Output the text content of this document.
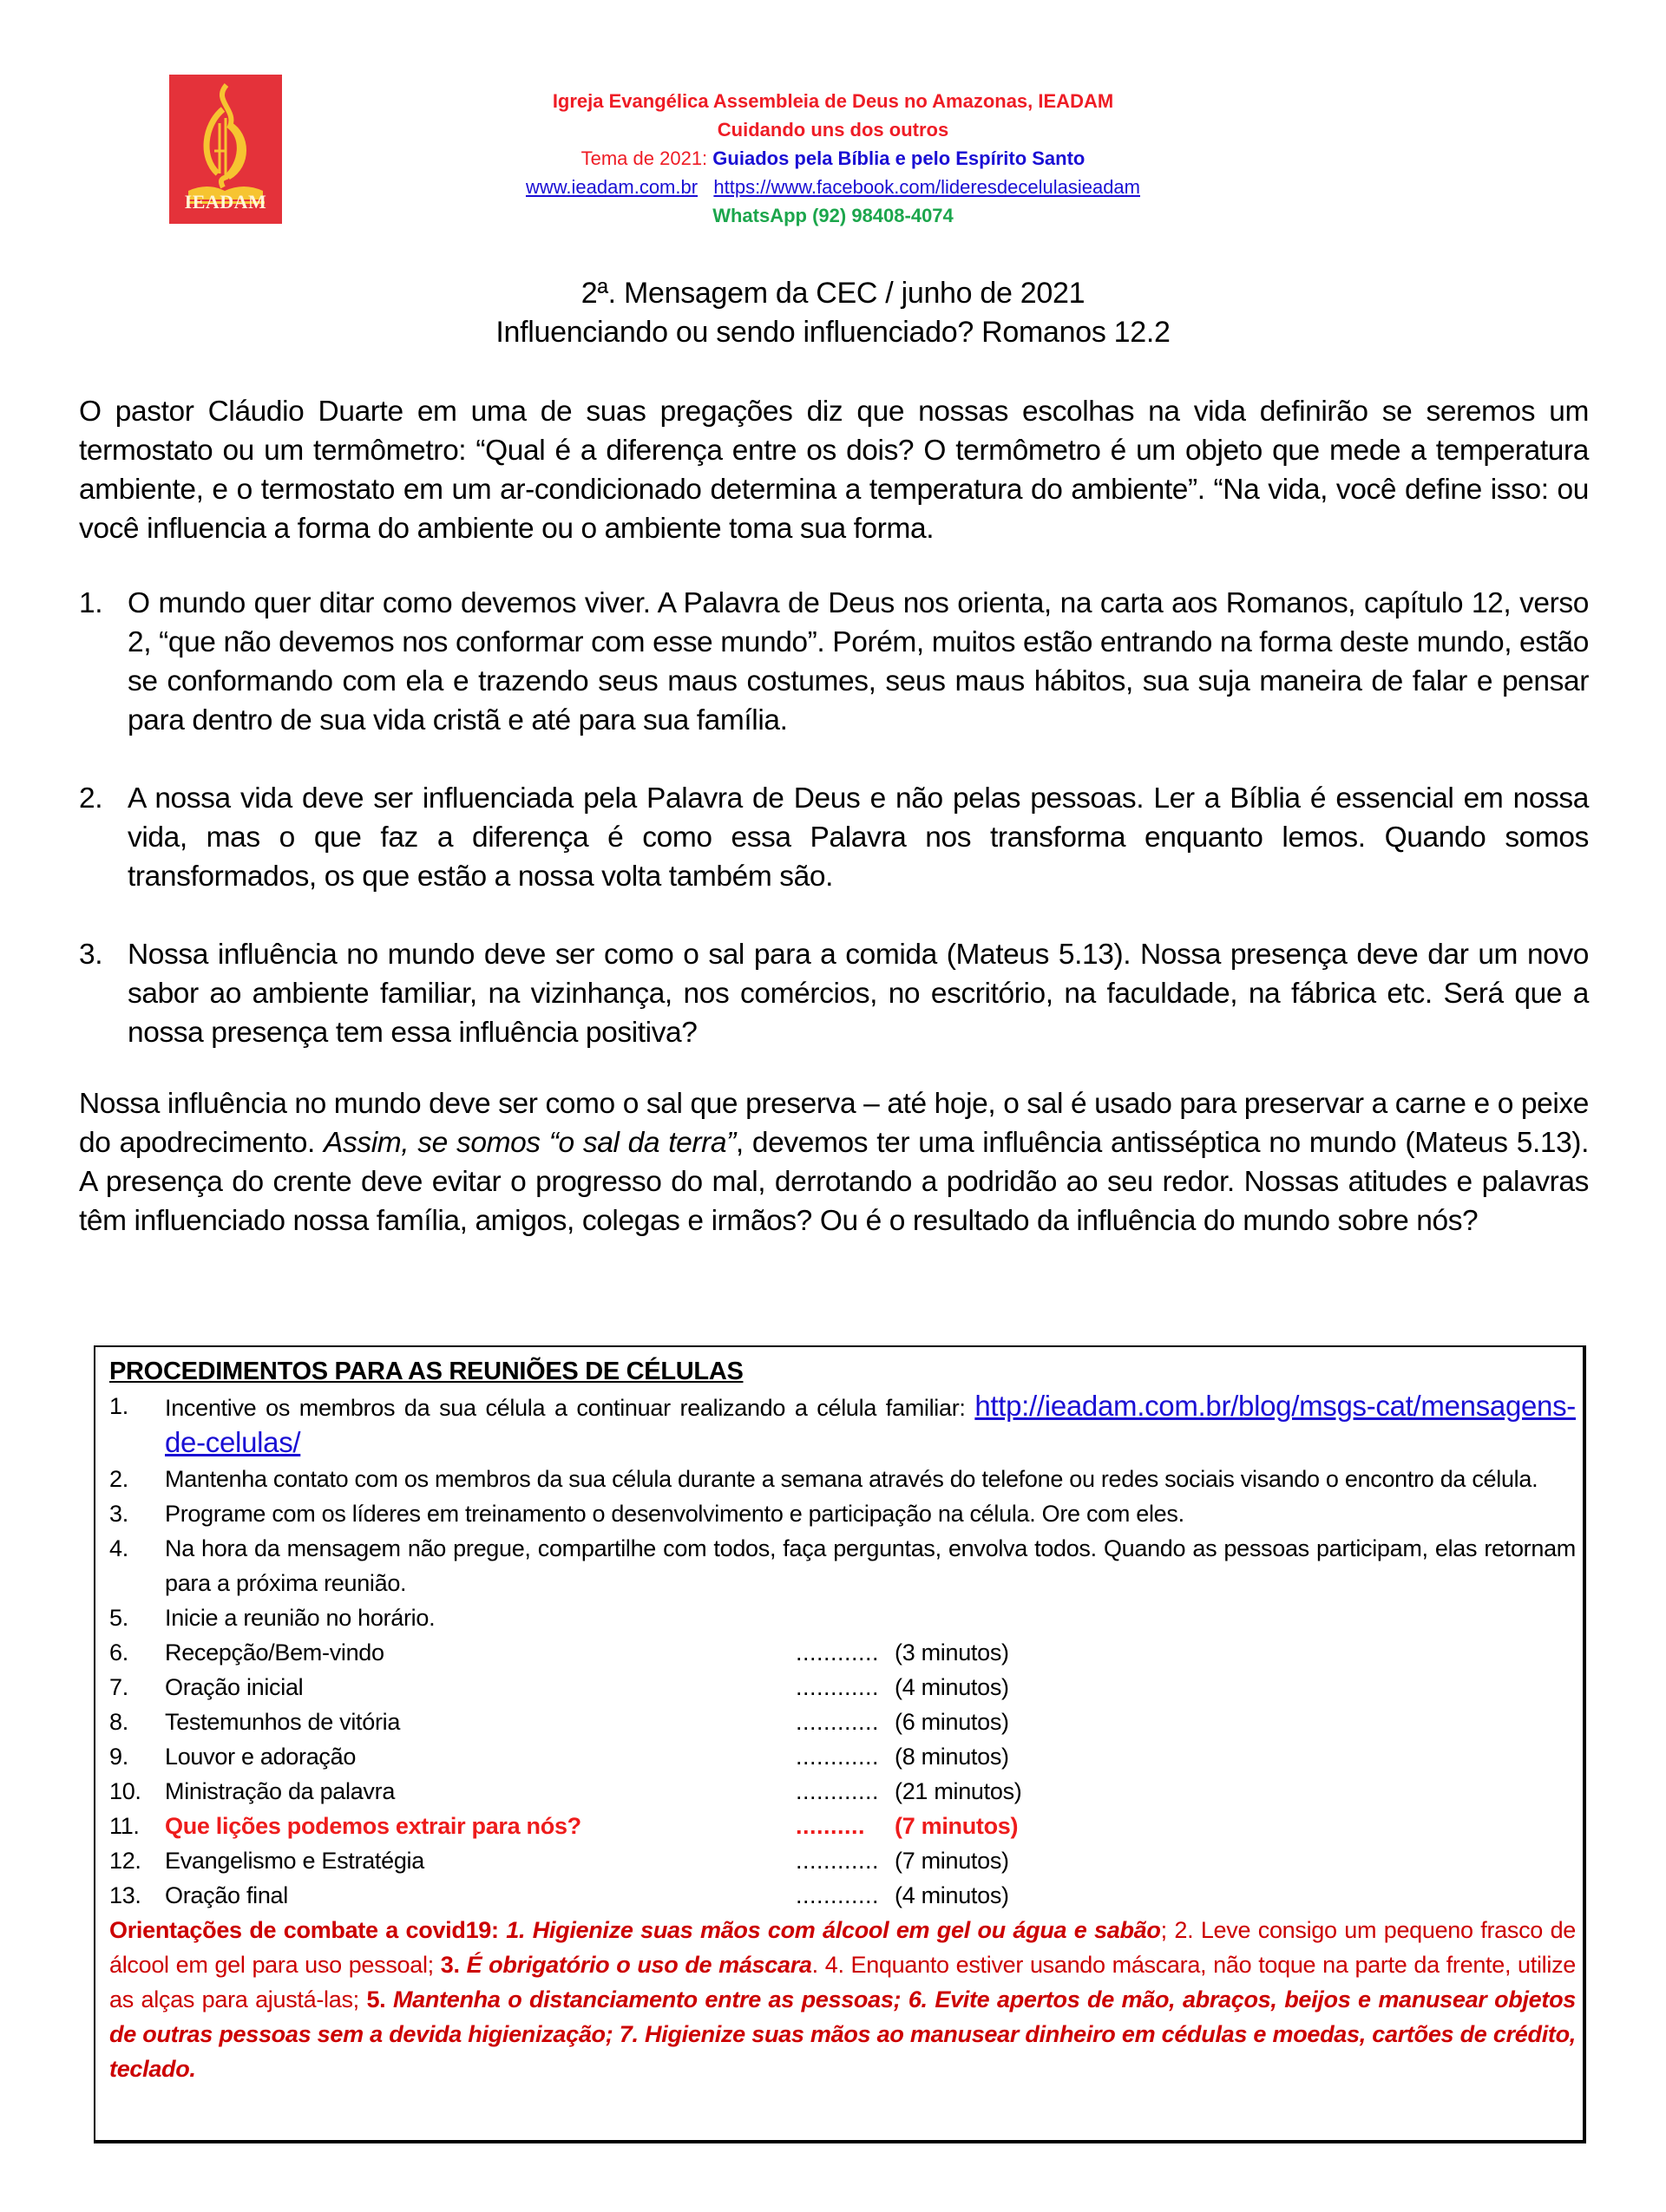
IEADAM
Igreja Evangélica Assembleia de Deus no Amazonas, IEADAM
Cuidando uns dos outros
Tema de 2021: Guiados pela Bíblia e pelo Espírito Santo
www.ieadam.com.br https://www.facebook.com/lideresdecelulasieadam
WhatsApp (92) 98408-4074
2ª. Mensagem da CEC / junho de 2021
Influenciando ou sendo influenciado? Romanos 12.2
O pastor Cláudio Duarte em uma de suas pregações diz que nossas escolhas na vida definirão se seremos um termostato ou um termômetro: “Qual é a diferença entre os dois? O termômetro é um objeto que mede a temperatura ambiente, e o termostato em um ar-condicionado determina a temperatura do ambiente”. “Na vida, você define isso: ou você influencia a forma do ambiente ou o ambiente toma sua forma.
1. O mundo quer ditar como devemos viver. A Palavra de Deus nos orienta, na carta aos Romanos, capítulo 12, verso 2, “que não devemos nos conformar com esse mundo”. Porém, muitos estão entrando na forma deste mundo, estão se conformando com ela e trazendo seus maus costumes, seus maus hábitos, sua suja maneira de falar e pensar para dentro de sua vida cristã e até para sua família.
2. A nossa vida deve ser influenciada pela Palavra de Deus e não pelas pessoas. Ler a Bíblia é essencial em nossa vida, mas o que faz a diferença é como essa Palavra nos transforma enquanto lemos. Quando somos transformados, os que estão a nossa volta também são.
3. Nossa influência no mundo deve ser como o sal para a comida (Mateus 5.13). Nossa presença deve dar um novo sabor ao ambiente familiar, na vizinhança, nos comércios, no escritório, na faculdade, na fábrica etc. Será que a nossa presença tem essa influência positiva?
Nossa influência no mundo deve ser como o sal que preserva – até hoje, o sal é usado para preservar a carne e o peixe do apodrecimento. Assim, se somos “o sal da terra”, devemos ter uma influência antisséptica no mundo (Mateus 5.13). A presença do crente deve evitar o progresso do mal, derrotando a podridão ao seu redor. Nossas atitudes e palavras têm influenciado nossa família, amigos, colegas e irmãos? Ou é o resultado da influência do mundo sobre nós?
PROCEDIMENTOS PARA AS REUNIÕES DE CÉLULAS
1. Incentive os membros da sua célula a continuar realizando a célula familiar: http://ieadam.com.br/blog/msgs-cat/mensagens-de-celulas/
2. Mantenha contato com os membros da sua célula durante a semana através do telefone ou redes sociais visando o encontro da célula.
3. Programe com os líderes em treinamento o desenvolvimento e participação na célula. Ore com eles.
4. Na hora da mensagem não pregue, compartilhe com todos, faça perguntas, envolva todos. Quando as pessoas participam, elas retornam para a próxima reunião.
5. Inicie a reunião no horário.
6. Recepção/Bem-vindo	............ (3 minutos)
7. Oração inicial	............ (4 minutos)
8. Testemunhos de vitória	............ (6 minutos)
9. Louvor e adoração	............ (8 minutos)
10. Ministração da palavra	............ (21 minutos)
11. Que lições podemos extrair para nós?	..........	(7 minutos)
12. Evangelismo e Estratégia	............ (7 minutos)
13. Oração final	............ (4 minutos)
Orientações de combate a covid19: 1. Higienize suas mãos com álcool em gel ou água e sabão; 2. Leve consigo um pequeno frasco de álcool em gel para uso pessoal; 3. É obrigatório o uso de máscara. 4. Enquanto estiver usando máscara, não toque na parte da frente, utilize as alças para ajustá-las; 5. Mantenha o distanciamento entre as pessoas; 6. Evite apertos de mão, abraços, beijos e manusear objetos de outras pessoas sem a devida higienização; 7. Higienize suas mãos ao manusear dinheiro em cédulas e moedas, cartões de crédito, teclado.
